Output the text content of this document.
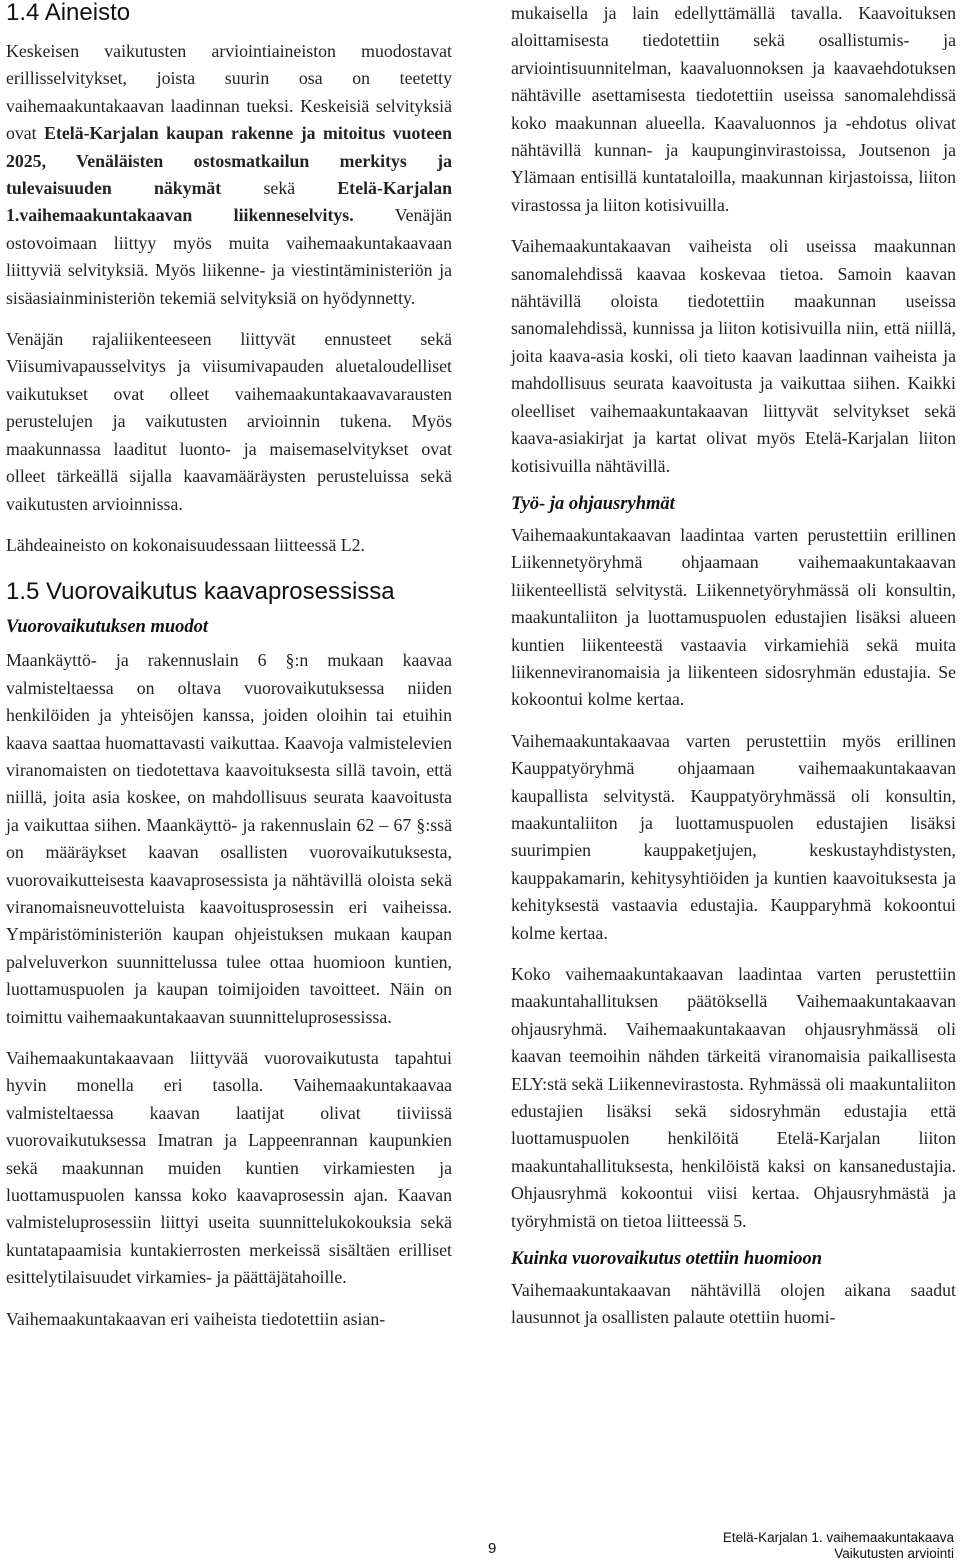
1.4 Aineisto

Keskeisen vaikutusten arviointiaineiston muodostavat erillisselvitykset, joista suurin osa on teetetty vaihemaakuntakaavan laadinnan tueksi. Keskeisiä selvityksiä ovat Etelä-Karjalan kaupan rakenne ja mitoitus vuoteen 2025, Venäläisten ostosmatkailun merkitys ja tulevaisuuden näkymät sekä Etelä-Karjalan 1.vaihemaakuntakaavan liikenneselvitys. Venäjän ostovoimaan liittyy myös muita vaihemaakuntakaavaan liittyviä selvityksiä. Myös liikenne- ja viestintäministeriön ja sisäasiainministeriön tekemiä selvityksiä on hyödynnetty.

Venäjän rajaliikenteeseen liittyvät ennusteet sekä Viisumivapausselvitys ja viisumivapauden aluetaloudelliset vaikutukset ovat olleet vaihemaakuntakaavavarausten perustelujen ja vaikutusten arvioinnin tukena. Myös maakunnassa laaditut luonto- ja maisemaselvitykset ovat olleet tärkeällä sijalla kaavamääräysten perusteluissa sekä vaikutusten arvioinnissa.

Lähdeaineisto on kokonaisuudessaan liitteessä L2.

1.5 Vuorovaikutus kaavaprosessissa
Vuorovaikutuksen muodot

Maankäyttö- ja rakennuslain 6 §:n mukaan kaavaa valmisteltaessa on oltava vuorovaikutuksessa niiden henkilöiden ja yhteisöjen kanssa, joiden oloihin tai etuihin kaava saattaa huomattavasti vaikuttaa. Kaavoja valmistelevien viranomaisten on tiedotettava kaavoituksesta sillä tavoin, että niillä, joita asia koskee, on mahdollisuus seurata kaavoitusta ja vaikuttaa siihen. Maankäyttö- ja rakennuslain 62 – 67 §:ssä on määräykset kaavan osallisten vuorovaikutuksesta, vuorovaikutteisesta kaavaprosessista ja nähtävillä oloista sekä viranomaisneuvotteluista kaavoitusprosessin eri vaiheissa. Ympäristöministeriön kaupan ohjeistuksen mukaan kaupan palveluverkon suunnittelussa tulee ottaa huomioon kuntien, luottamuspuolen ja kaupan toimijoiden tavoitteet. Näin on toimittu vaihemaakuntakaavan suunnitteluprosessissa.

Vaihemaakuntakaavaan liittyvää vuorovaikutusta tapahtui hyvin monella eri tasolla. Vaihemaakuntakaavaa valmisteltaessa kaavan laatijat olivat tiiviissä vuorovaikutuksessa Imatran ja Lappeenrannan kaupunkien sekä maakunnan muiden kuntien virkamiesten ja luottamuspuolen kanssa koko kaavaprosessin ajan. Kaavan valmisteluprosessiin liittyi useita suunnittelukokouksia sekä kuntatapaamisia kuntakierrosten merkeissä sisältäen erilliset esittelytilaisuudet virkamies- ja päättäjätahoille.

Vaihemaakuntakaavan eri vaiheista tiedotettiin asian-

mukaisella ja lain edellyttämällä tavalla. Kaavoituksen aloittamisesta tiedotettiin sekä osallistumis- ja arviointisuunnitelman, kaavaluonnoksen ja kaavaehdotuksen nähtäville asettamisesta tiedotettiin useissa sanomalehdissä koko maakunnan alueella. Kaavaluonnos ja -ehdotus olivat nähtävillä kunnan- ja kaupunginvirastoissa, Joutsenon ja Ylämaan entisillä kuntataloilla, maakunnan kirjastoissa, liiton virastossa ja liiton kotisivuilla.

Vaihemaakuntakaavan vaiheista oli useissa maakunnan sanomalehdissä kaavaa koskevaa tietoa. Samoin kaavan nähtävillä oloista tiedotettiin maakunnan useissa sanomalehdissä, kunnissa ja liiton kotisivuilla niin, että niillä, joita kaava-asia koski, oli tieto kaavan laadinnan vaiheista ja mahdollisuus seurata kaavoitusta ja vaikuttaa siihen. Kaikki oleelliset vaihemaakuntakaavan liittyvät selvitykset sekä kaava-asiakirjat ja kartat olivat myös Etelä-Karjalan liiton kotisivuilla nähtävillä.

Työ- ja ohjausryhmät

Vaihemaakuntakaavan laadintaa varten perustettiin erillinen Liikennetyöryhmä ohjaamaan vaihemaakuntakaavan liikenteellistä selvitystä. Liikennetyöryhmässä oli konsultin, maakuntaliiton ja luottamuspuolen edustajien lisäksi alueen kuntien liikenteestä vastaavia virkamiehiä sekä muita liikenneviranomaisia ja liikenteen sidosryhmän edustajia. Se kokoontui kolme kertaa.

Vaihemaakuntakaavaa varten perustettiin myös erillinen Kauppatyöryhmä ohjaamaan vaihemaakuntakaavan kaupallista selvitystä. Kauppatyöryhmässä oli konsultin, maakuntaliiton ja luottamuspuolen edustajien lisäksi suurimpien kauppaketjujen, keskustayhdistysten, kauppakamarin, kehitysyhtiöiden ja kuntien kaavoituksesta ja kehityksestä vastaavia edustajia. Kaupparyhmä kokoontui kolme kertaa.

Koko vaihemaakuntakaavan laadintaa varten perustettiin maakuntahallituksen päätöksellä Vaihemaakuntakaavan ohjausryhmä. Vaihemaakuntakaavan ohjausryhmässä oli kaavan teemoihin nähden tärkeitä viranomaisia paikallisesta ELY:stä sekä Liikennevirastosta. Ryhmässä oli maakuntaliiton edustajien lisäksi sekä sidosryhmän edustajia että luottamuspuolen henkilöitä Etelä-Karjalan liiton maakuntahallituksesta, henkilöistä kaksi on kansanedustajia. Ohjausryhmä kokoontui viisi kertaa. Ohjausryhmästä ja työryhmistä on tietoa liitteessä 5.

Kuinka vuorovaikutus otettiin huomioon

Vaihemaakuntakaavan nähtävillä olojen aikana saadut lausunnot ja osallisten palaute otettiin huomi-

9
Etelä-Karjalan 1. vaihemaakuntakaava
Vaikutusten arviointi
